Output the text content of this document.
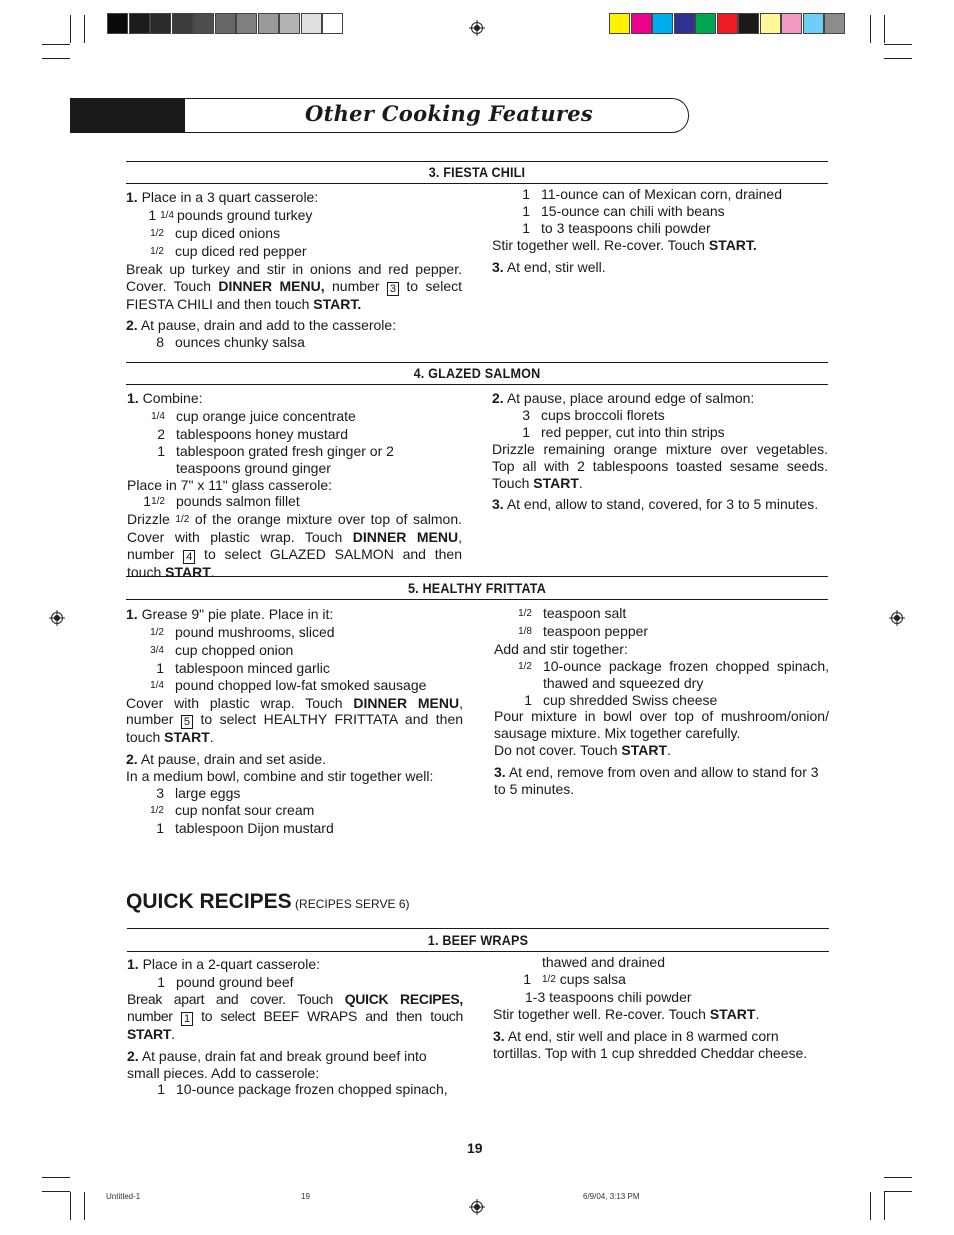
Other Cooking Features
3. FIESTA CHILI

1. Place in a 3 quart casserole:

1 1/4 pounds ground turkey
1/2 cup diced onions
1/2 cup diced red pepper

Break up turkey and stir in onions and red pepper. Cover. Touch DINNER MENU, number 3 to select FIESTA CHILI and then touch START.

2. At pause, drain and add to the casserole:

8 ounces chunky salsa
1 11-ounce can of Mexican corn, drained
1 15-ounce can chili with beans
1 to 3 teaspoons chili powder

Stir together well. Re-cover. Touch START.

3. At end, stir well.

4. GLAZED SALMON

1. Combine:

1/4 cup orange juice concentrate
2 tablespoons honey mustard
1 tablespoon grated fresh ginger or 2 teaspoons ground ginger

Place in 7" x 11" glass casserole:

11/2 pounds salmon fillet

Drizzle 1/2 of the orange mixture over top of salmon. Cover with plastic wrap. Touch DINNER MENU, number 4 to select GLAZED SALMON and then touch START.

2. At pause, place around edge of salmon:

3 cups broccoli florets
1 red pepper, cut into thin strips

Drizzle remaining orange mixture over vegetables. Top all with 2 tablespoons toasted sesame seeds. Touch START.

3. At end, allow to stand, covered, for 3 to 5 minutes.

5. HEALTHY FRITTATA

1. Grease 9" pie plate. Place in it:

1/2 pound mushrooms, sliced
3/4 cup chopped onion
1 tablespoon minced garlic
1/4 pound chopped low-fat smoked sausage

Cover with plastic wrap. Touch DINNER MENU, number 5 to select HEALTHY FRITTATA and then touch START.

2. At pause, drain and set aside.

In a medium bowl, combine and stir together well:

3 large eggs
1/2 cup nonfat sour cream
1 tablespoon Dijon mustard
1/2 teaspoon salt
1/8 teaspoon pepper

Add and stir together:

1/2 10-ounce package frozen chopped spinach, thawed and squeezed dry
1 cup shredded Swiss cheese

Pour mixture in bowl over top of mushroom/onion/ sausage mixture. Mix together carefully.

Do not cover. Touch START.

3. At end, remove from oven and allow to stand for 3 to 5 minutes.

QUICK RECIPES (RECIPES SERVE 6)
1. BEEF WRAPS

1. Place in a 2-quart casserole:

1 pound ground beef

Break apart and cover. Touch QUICK RECIPES, number 1 to select BEEF WRAPS and then touch START.

2. At pause, drain fat and break ground beef into small pieces. Add to casserole:

1 10-ounce package frozen chopped spinach,
thawed and drained
1	1/2 cups salsa
1-3 teaspoons chili powder

Stir together well. Re-cover. Touch START.

3. At end, stir well and place in 8 warmed corn tortillas. Top with 1 cup shredded Cheddar cheese.

19
Untitled-1	19	6/9/04, 3:13 PM
